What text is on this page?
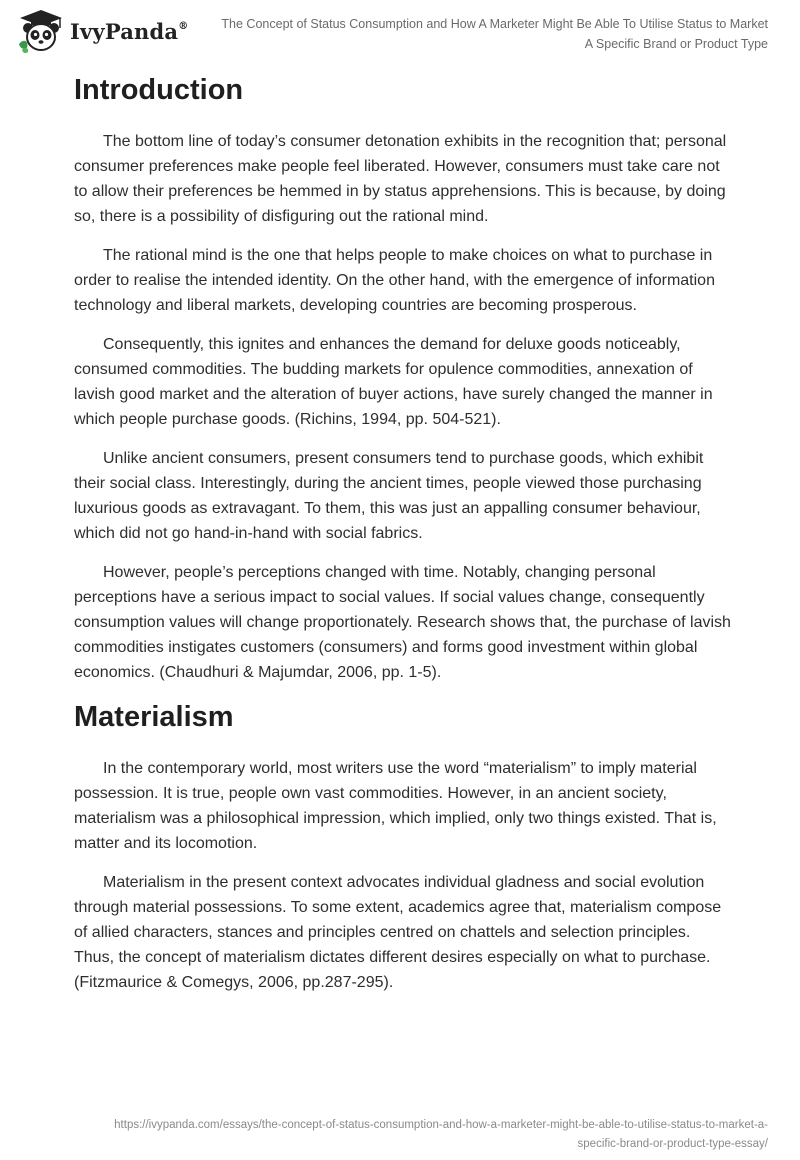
IvyPanda®	The Concept of Status Consumption and How A Marketer Might Be Able To Utilise Status to Market
A Specific Brand or Product Type
Introduction

The bottom line of today’s consumer detonation exhibits in the recognition that; personal consumer preferences make people feel liberated. However, consumers must take care not to allow their preferences be hemmed in by status apprehensions. This is because, by doing so, there is a possibility of disfiguring out the rational mind.

The rational mind is the one that helps people to make choices on what to purchase in order to realise the intended identity. On the other hand, with the emergence of information technology and liberal markets, developing countries are becoming prosperous.

Consequently, this ignites and enhances the demand for deluxe goods noticeably, consumed commodities. The budding markets for opulence commodities, annexation of lavish good market and the alteration of buyer actions, have surely changed the manner in which people purchase goods. (Richins, 1994, pp. 504-521).

Unlike ancient consumers, present consumers tend to purchase goods, which exhibit their social class. Interestingly, during the ancient times, people viewed those purchasing luxurious goods as extravagant. To them, this was just an appalling consumer behaviour, which did not go hand-in-hand with social fabrics.

However, people’s perceptions changed with time. Notably, changing personal perceptions have a serious impact to social values. If social values change, consequently consumption values will change proportionately. Research shows that, the purchase of lavish commodities instigates customers (consumers) and forms good investment within global economics. (Chaudhuri & Majumdar, 2006, pp. 1-5).

Materialism

In the contemporary world, most writers use the word “materialism” to imply material possession. It is true, people own vast commodities. However, in an ancient society, materialism was a philosophical impression, which implied, only two things existed. That is, matter and its locomotion.

Materialism in the present context advocates individual gladness and social evolution through material possessions. To some extent, academics agree that, materialism compose of allied characters, stances and principles centred on chattels and selection principles. Thus, the concept of materialism dictates different desires especially on what to purchase. (Fitzmaurice & Comegys, 2006, pp.287-295).

https://ivypanda.com/essays/the-concept-of-status-consumption-and-how-a-marketer-might-be-able-to-utilise-status-to-market-a-
specific-brand-or-product-type-essay/
